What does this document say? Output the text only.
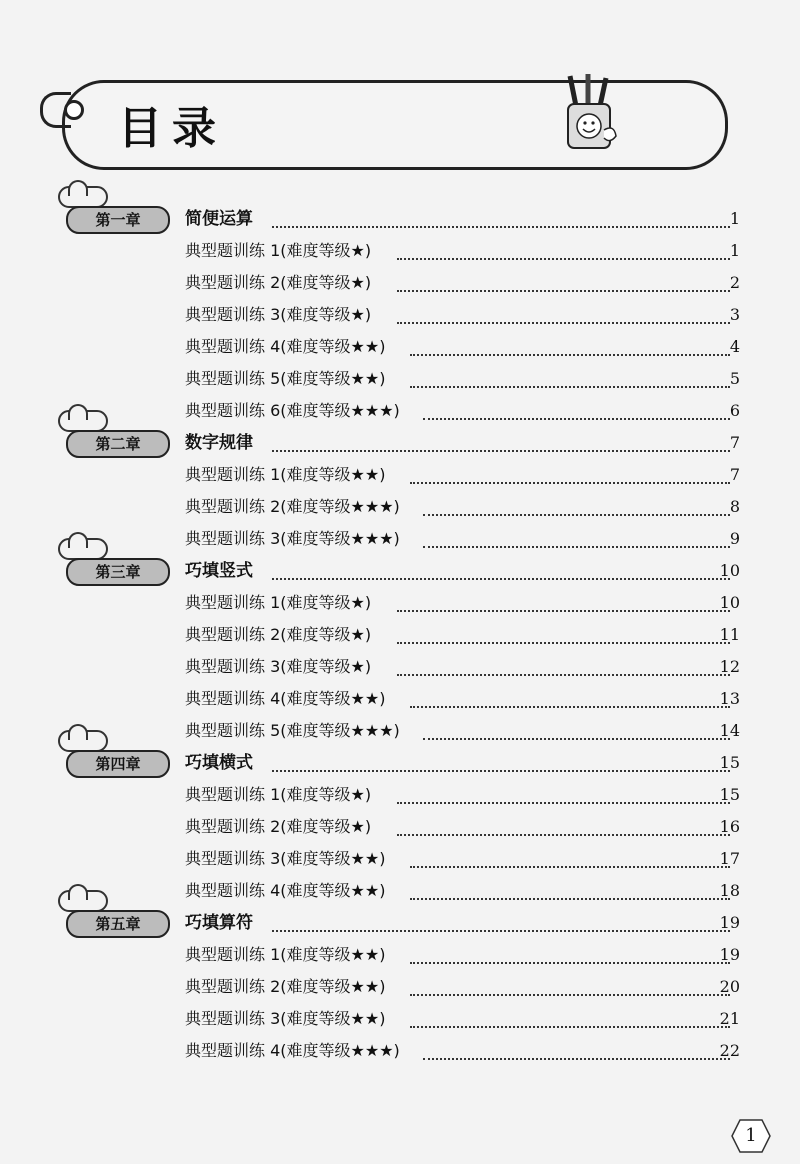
目录
第一章	简便运算	1
典型题训练 1(难度等级★)	1
典型题训练 2(难度等级★)	2
典型题训练 3(难度等级★)	3
典型题训练 4(难度等级★★)	4
典型题训练 5(难度等级★★)	5
典型题训练 6(难度等级★★★)	6
第二章	数字规律	7
典型题训练 1(难度等级★★)	7
典型题训练 2(难度等级★★★)	8
典型题训练 3(难度等级★★★)	9
第三章	巧填竖式	10
典型题训练 1(难度等级★)	10
典型题训练 2(难度等级★)	11
典型题训练 3(难度等级★)	12
典型题训练 4(难度等级★★)	13
典型题训练 5(难度等级★★★)	14
第四章	巧填横式	15
典型题训练 1(难度等级★)	15
典型题训练 2(难度等级★)	16
典型题训练 3(难度等级★★)	17
典型题训练 4(难度等级★★)	18
第五章	巧填算符	19
典型题训练 1(难度等级★★)	19
典型题训练 2(难度等级★★)	20
典型题训练 3(难度等级★★)	21
典型题训练 4(难度等级★★★)	22
1
